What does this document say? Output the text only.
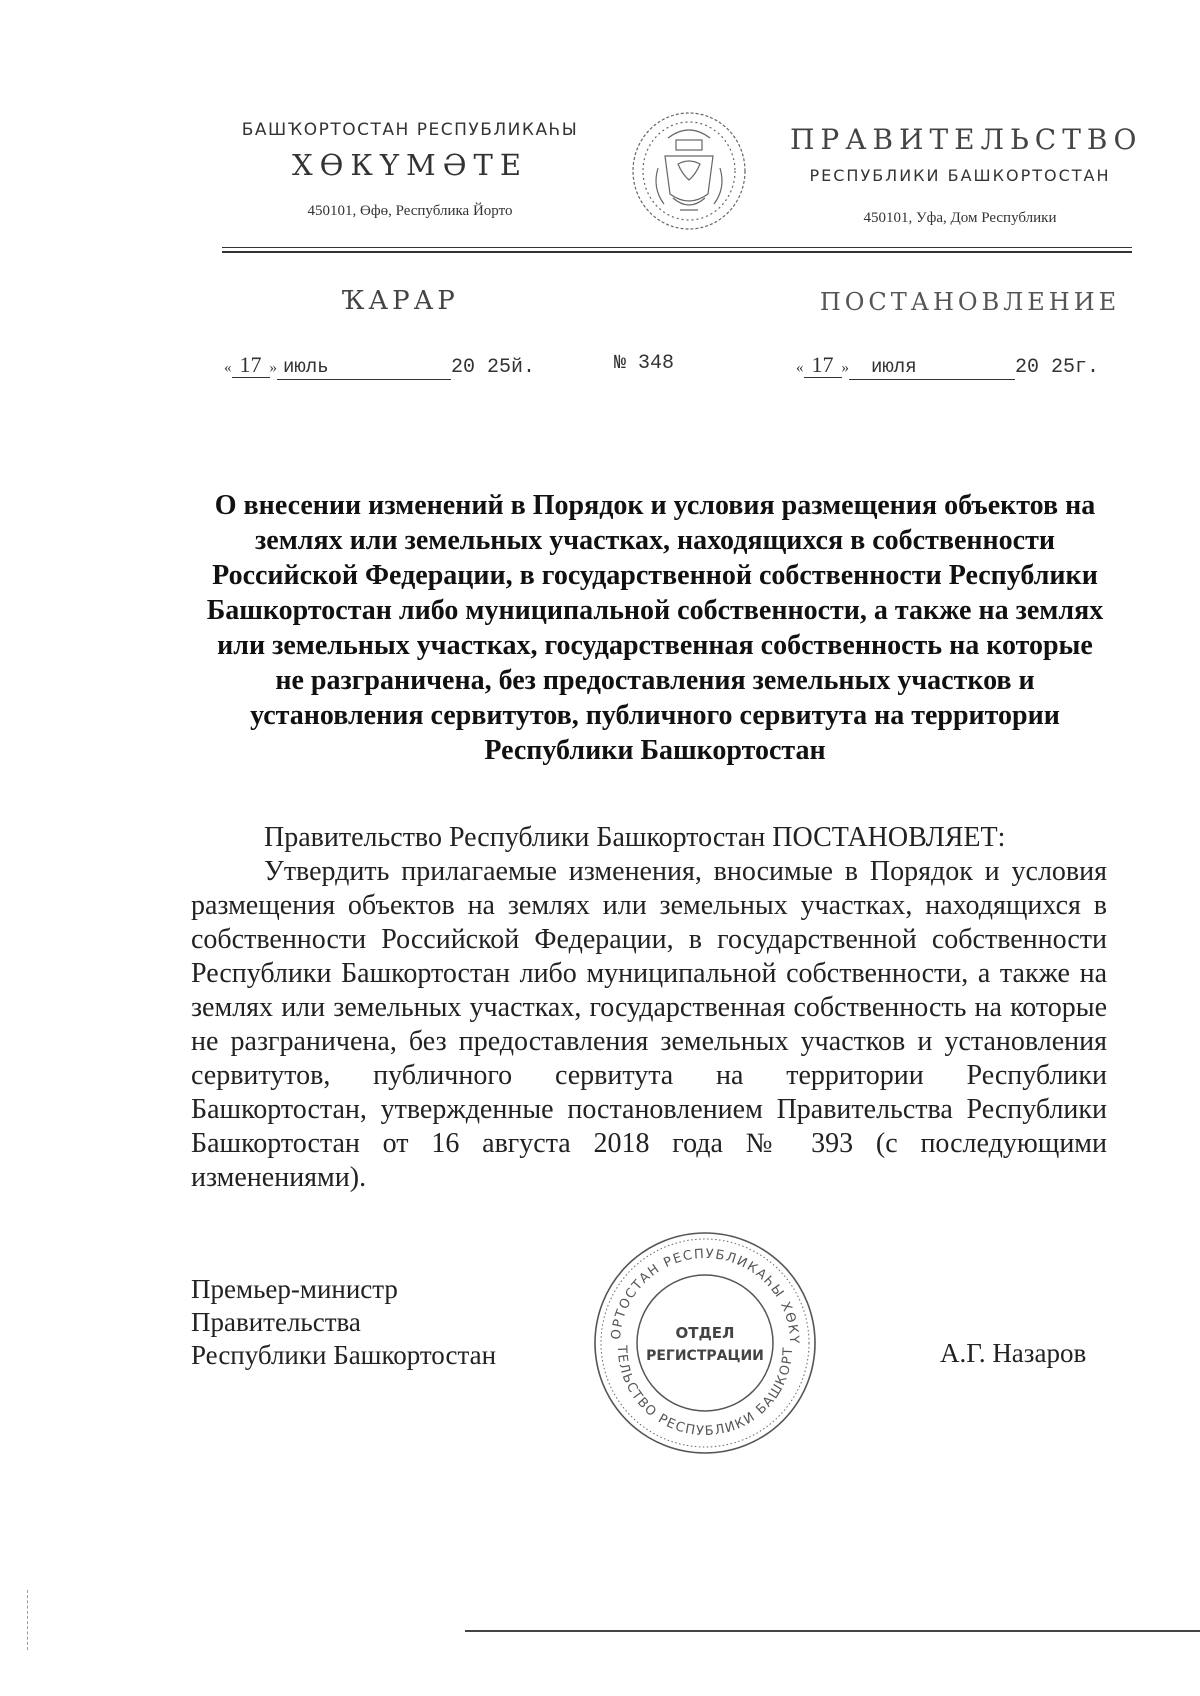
БАШҠОРТОСТАН РЕСПУБЛИКАҺЫ
ХӨКҮМӘТЕ
450101, Өфө, Республика Йорто
ПРАВИТЕЛЬСТВО
РЕСПУБЛИКИ БАШКОРТОСТАН
450101, Уфа, Дом Республики
ҠАРАР	ПОСТАНОВЛЕНИЕ
« 17 » июль	20 25й.	№ 348	« 17 » июля	20 25г.
О внесении изменений в Порядок и условия размещения объектов на землях или земельных участках, находящихся в собственности Российской Федерации, в государственной собственности Республики Башкортостан либо муниципальной собственности, а также на землях или земельных участках, государственная собственность на которые не разграничена, без предоставления земельных участков и установления сервитутов, публичного сервитута на территории Республики Башкортостан
Правительство Республики Башкортостан ПОСТАНОВЛЯЕТ:
Утвердить прилагаемые изменения, вносимые в Порядок и условия размещения объектов на землях или земельных участках, находящихся в собственности Российской Федерации, в государственной собственности Республики Башкортостан либо муниципальной собственности, а также на землях или земельных участках, государственная собственность на которые не разграничена, без предоставления земельных участков и установления сервитутов, публичного сервитута на территории Республики Башкортостан, утвержденные постановлением Правительства Республики Башкортостан от 16 августа 2018 года № 393 (с последующими изменениями).
Премьер-министр
Правительства
Республики Башкортостан	А.Г. Назаров
ОРТОСТАН РЕСПУБЛИКАҺЫ ХӨКҮ
ТЕЛЬСТВО РЕСПУБЛИКИ БАШКОРТ
ОТДЕЛ
РЕГИСТРАЦИИ
